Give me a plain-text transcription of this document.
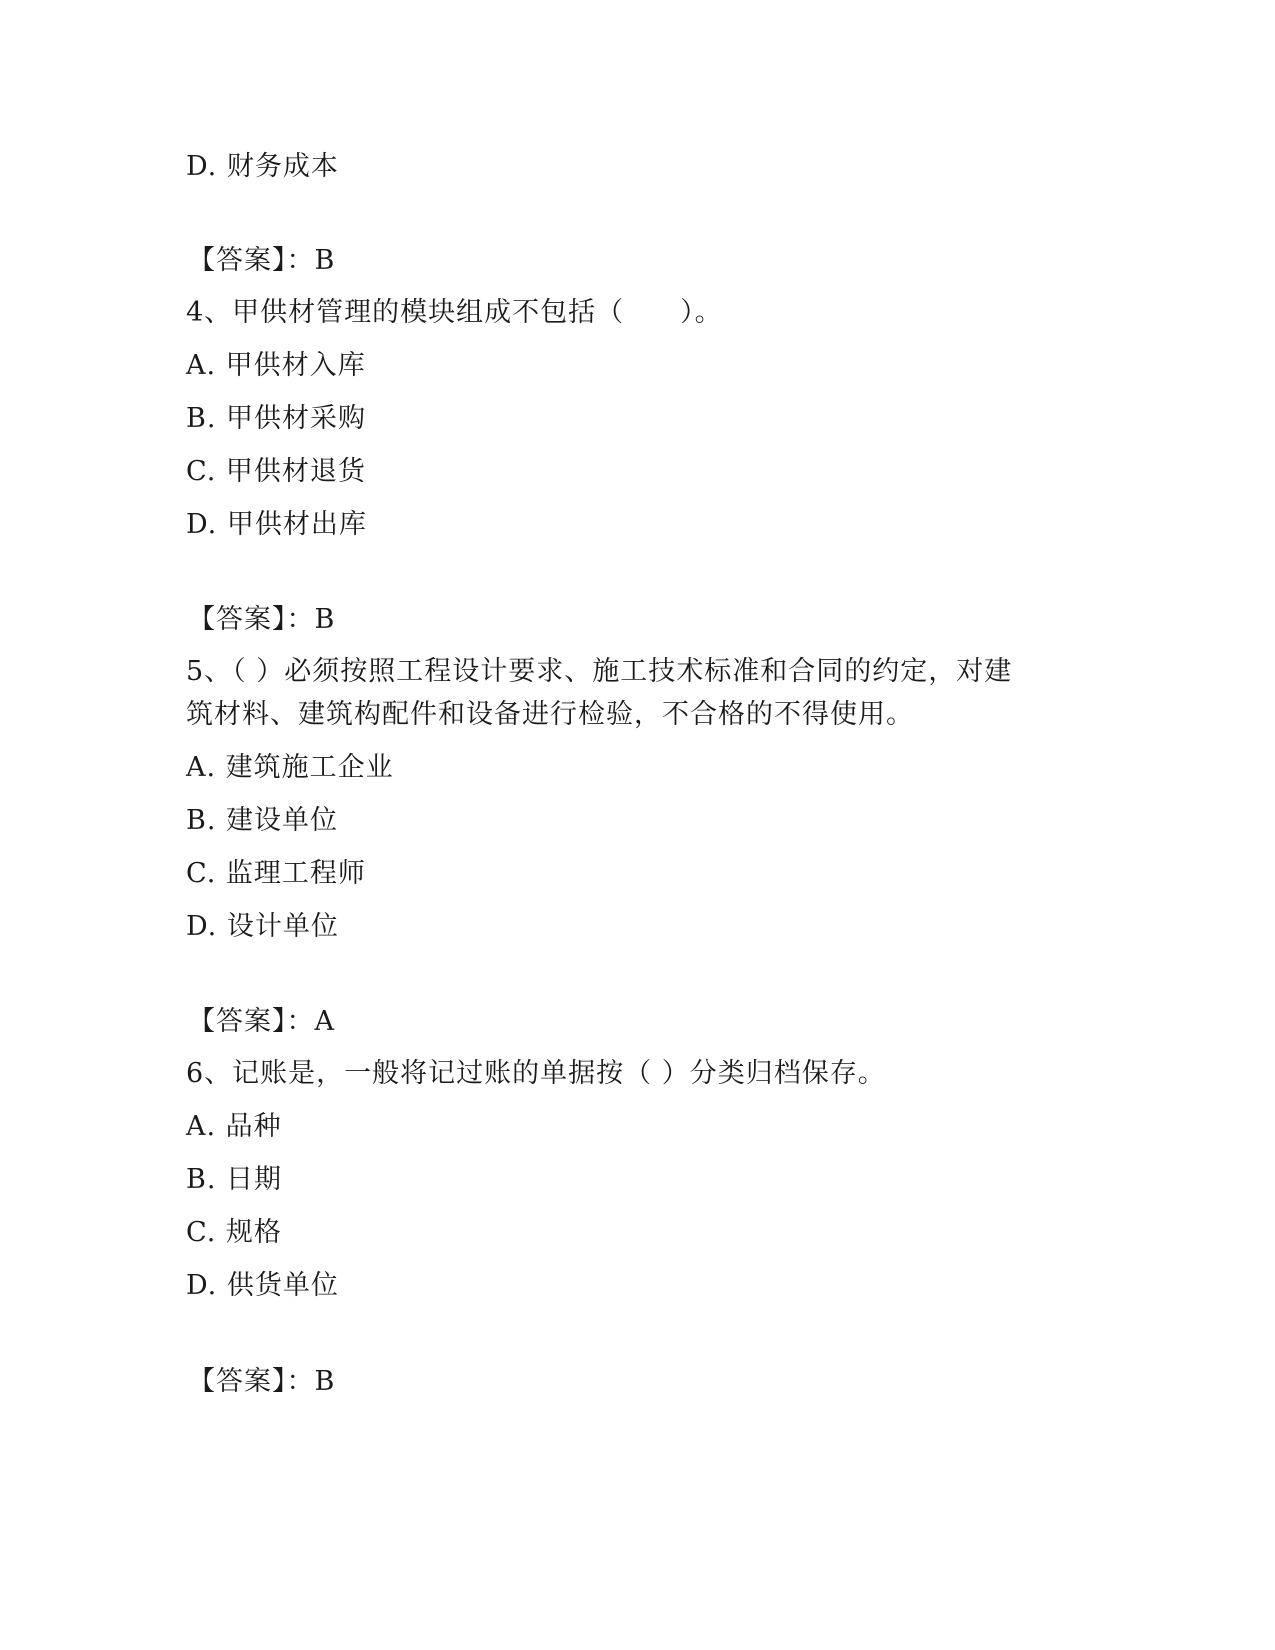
D. 财务成本
【答案】：B
4、甲供材管理的模块组成不包括（　　）。
A. 甲供材入库
B. 甲供材采购
C. 甲供材退货
D. 甲供材出库
【答案】：B
5、（ ）必须按照工程设计要求、施工技术标准和合同的约定，对建
筑材料、建筑构配件和设备进行检验，不合格的不得使用。
A. 建筑施工企业
B. 建设单位
C. 监理工程师
D. 设计单位
【答案】：A
6、记账是，一般将记过账的单据按（ ）分类归档保存。
A. 品种
B. 日期
C. 规格
D. 供货单位
【答案】：B
